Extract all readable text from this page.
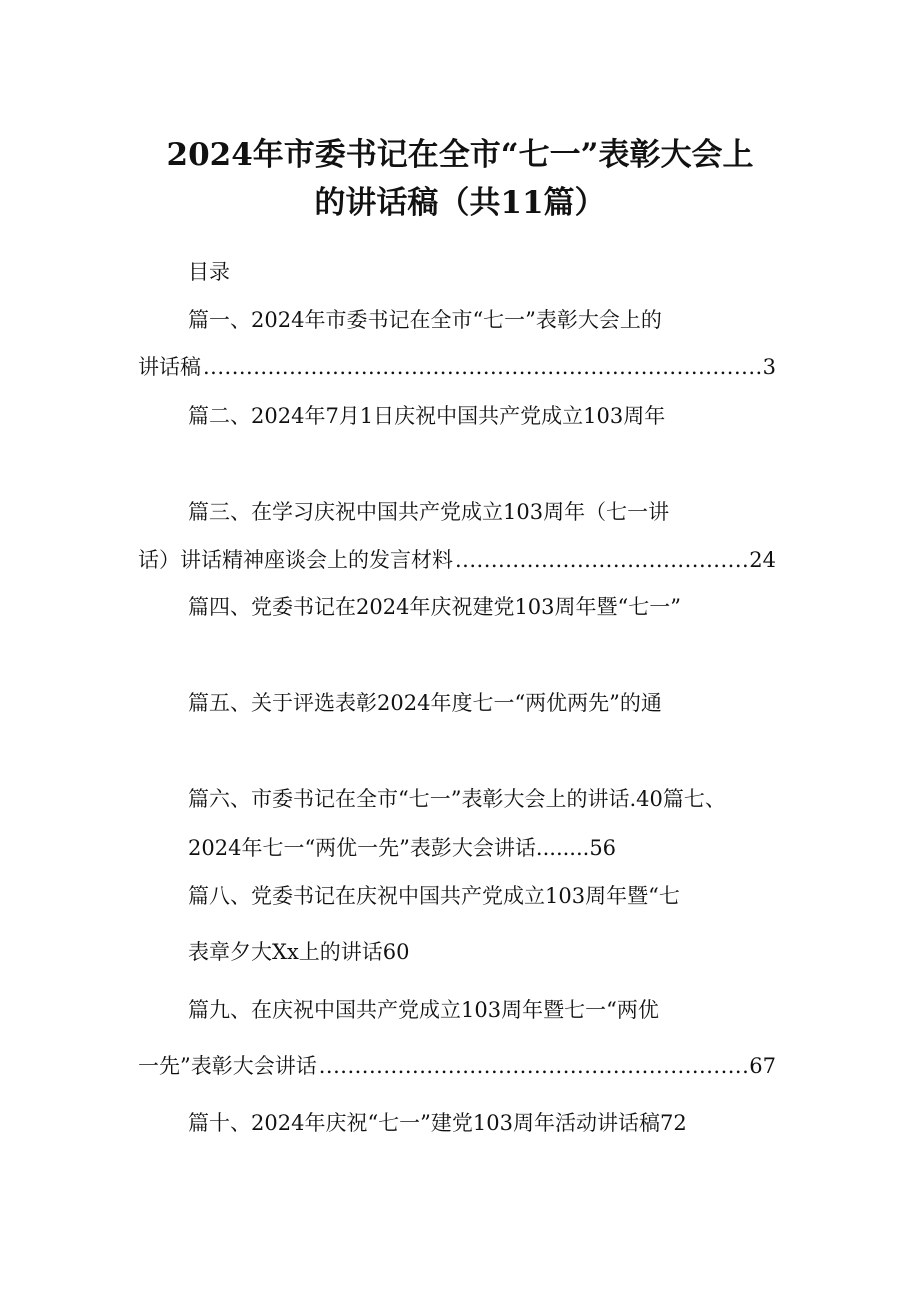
2024年市委书记在全市“七一”表彰大会上
的讲话稿（共11篇）
目录
篇一、2024年市委书记在全市“七一”表彰大会上的
讲话稿 .....	3
篇二、2024年7月1日庆祝中国共产党成立103周年
篇三、在学习庆祝中国共产党成立103周年（七一讲
话）讲话精神座谈会上的发言材料 .....	24
篇四、党委书记在2024年庆祝建党103周年暨“七一”
篇五、关于评选表彰2024年度七一“两优两先”的通
篇六、市委书记在全市“七一”表彰大会上的讲话.40篇七、
2024年七一“两优一先”表彭大会讲话........56
篇八、党委书记在庆祝中国共产党成立103周年暨“七
表章夕大Xx上的讲话60
篇九、在庆祝中国共产党成立103周年暨七一“两优
一先”表彰大会讲话 .....	67
篇十、2024年庆祝“七一”建党103周年活动讲话稿72
